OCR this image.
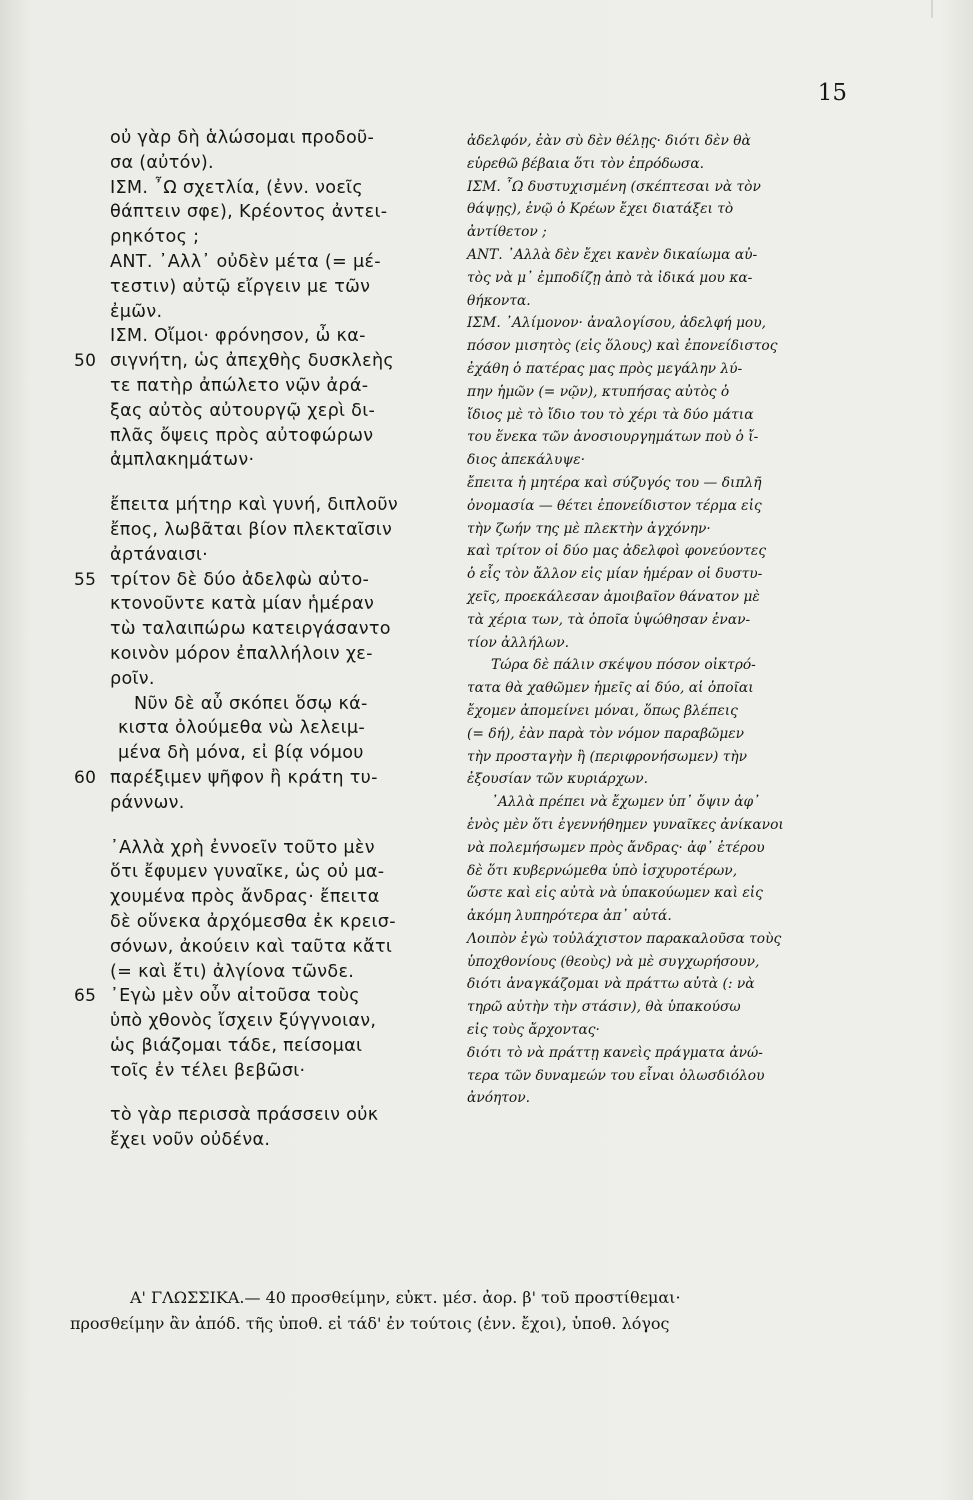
15
οὐ γὰρ δὴ ἁλώσομαι προδοῦ-
σα (αὐτόν).
ΙΣΜ. ῏Ω σχετλία, (ἐνν. νοεῖς
θάπτειν σφε), Κρέοντος ἀντει-
ρηκότος ;
ΑΝΤ. ᾿Αλλ᾿ οὐδὲν μέτα (= μέ-
τεστιν) αὐτῷ εἴργειν με τῶν
ἐμῶν.
ΙΣΜ. Οἴμοι· φρόνησον, ὦ κα-
σιγνήτη, ὡς ἀπεχθὴς δυσκλεὴς
50
τε πατὴρ ἀπώλετο νῷν ἀρά-
ξας αὐτὸς αὐτουργῷ χερὶ δι-
πλᾶς ὄψεις πρὸς αὐτοφώρων
ἀμπλακημάτων·
ἔπειτα μήτηρ καὶ γυνή, διπλοῦν
ἔπος, λωβᾶται βίον πλεκταῖσιν
ἀρτάναισι·
τρίτον δὲ δύο ἀδελφὼ αὐτο-
55
κτονοῦντε κατὰ μίαν ἡμέραν
τὼ ταλαιπώρω κατειργάσαντο
κοινὸν μόρον ἐπαλλήλοιν χε-
ροῖν.
Νῦν δὲ αὖ σκόπει ὅσῳ κά-
κιστα ὀλούμεθα νὼ λελειμ-
μένα δὴ μόνα, εἰ βίᾳ νόμου
παρέξιμεν ψῆφον ἢ κράτη τυ-
60
ράννων.
᾿Αλλὰ χρὴ ἐννοεῖν τοῦτο μὲν
ὅτι ἔφυμεν γυναῖκε, ὡς οὐ μα-
χουμένα πρὸς ἄνδρας· ἔπειτα
δὲ οὕνεκα ἀρχόμεσθα ἐκ κρεισ-
σόνων, ἀκούειν καὶ ταῦτα κἄτι
(= καὶ ἔτι) ἀλγίονα τῶνδε.
᾿Εγὼ μὲν οὖν αἰτοῦσα τοὺς
65
ὑπὸ χθονὸς ἴσχειν ξύγγνοιαν,
ὡς βιάζομαι τάδε, πείσομαι
τοῖς ἐν τέλει βεβῶσι·
τὸ γὰρ περισσὰ πράσσειν οὐκ
ἔχει νοῦν οὐδένα.
ἀδελφόν, ἐὰν σὺ δὲν θέλῃς· διότι δὲν θὰ
εὑρεθῶ βέβαια ὅτι τὸν ἐπρόδωσα.
ΙΣΜ. ῏Ω δυστυχισμένη (σκέπτεσαι νὰ τὸν
θάψῃς), ἐνῷ ὁ Κρέων ἔχει διατάξει τὸ
ἀντίθετον ;
ΑΝΤ. ᾿Αλλὰ δὲν ἔχει κανὲν δικαίωμα αὐ-
τὸς νὰ μ᾿ ἐμποδίζῃ ἀπὸ τὰ ἰδικά μου κα-
θήκοντα.
ΙΣΜ. ᾿Αλίμονον· ἀναλογίσου, ἀδελφή μου,
πόσον μισητὸς (εἰς ὅλους) καὶ ἐπονείδιστος
ἐχάθη ὁ πατέρας μας πρὸς μεγάλην λύ-
πην ἡμῶν (= νῷν), κτυπήσας αὐτὸς ὁ
ἴδιος μὲ τὸ ἴδιο του τὸ χέρι τὰ δύο μάτια
του ἕνεκα τῶν ἀνοσιουργημάτων ποὺ ὁ ἴ-
διος ἀπεκάλυψε·
ἔπειτα ἡ μητέρα καὶ σύζυγός του — διπλῆ
ὀνομασία — θέτει ἐπονείδιστον τέρμα εἰς
τὴν ζωήν της μὲ πλεκτὴν ἀγχόνην·
καὶ τρίτον οἱ δύο μας ἀδελφοὶ φονεύοντες
ὁ εἷς τὸν ἄλλον εἰς μίαν ἡμέραν οἱ δυστυ-
χεῖς, προεκάλεσαν ἀμοιβαῖον θάνατον μὲ
τὰ χέρια των, τὰ ὁποῖα ὑψώθησαν ἐναν-
τίον ἀλλήλων.
Τώρα δὲ πάλιν σκέψου πόσον οἰκτρό-
τατα θὰ χαθῶμεν ἡμεῖς αἱ δύο, αἱ ὁποῖαι
ἔχομεν ἀπομείνει μόναι, ὅπως βλέπεις
(= δή), ἐὰν παρὰ τὸν νόμον παραβῶμεν
τὴν προσταγὴν ἢ (περιφρονήσωμεν) τὴν
ἐξουσίαν τῶν κυριάρχων.
᾿Αλλὰ πρέπει νὰ ἔχωμεν ὑπ᾿ ὄψιν ἀφ᾿
ἑνὸς μὲν ὅτι ἐγεννήθημεν γυναῖκες ἀνίκανοι
νὰ πολεμήσωμεν πρὸς ἄνδρας· ἀφ᾿ ἑτέρου
δὲ ὅτι κυβερνώμεθα ὑπὸ ἰσχυροτέρων,
ὥστε καὶ εἰς αὐτὰ νὰ ὑπακούωμεν καὶ εἰς
ἀκόμη λυπηρότερα ἀπ᾿ αὐτά.
Λοιπὸν ἐγὼ τοὐλάχιστον παρακαλοῦσα τοὺς
ὑποχθονίους (θεοὺς) νὰ μὲ συγχωρήσουν,
διότι ἀναγκάζομαι νὰ πράττω αὐτὰ (: νὰ
τηρῶ αὐτὴν τὴν στάσιν), θὰ ὑπακούσω
εἰς τοὺς ἄρχοντας·
διότι τὸ νὰ πράττῃ κανεὶς πράγματα ἀνώ-
τερα τῶν δυναμεών του εἶναι ὁλωσδιόλου
ἀνόητον.
Α' ΓΛΩΣΣΙΚΑ.— 40 προσθείμην, εὐκτ. μέσ. ἀορ. β' τοῦ προστίθεμαι·
προσθείμην ἂν ἀπόδ. τῆς ὑποθ. εἰ τάδ' ἐν τούτοις (ἐνν. ἔχοι), ὑποθ. λόγος
